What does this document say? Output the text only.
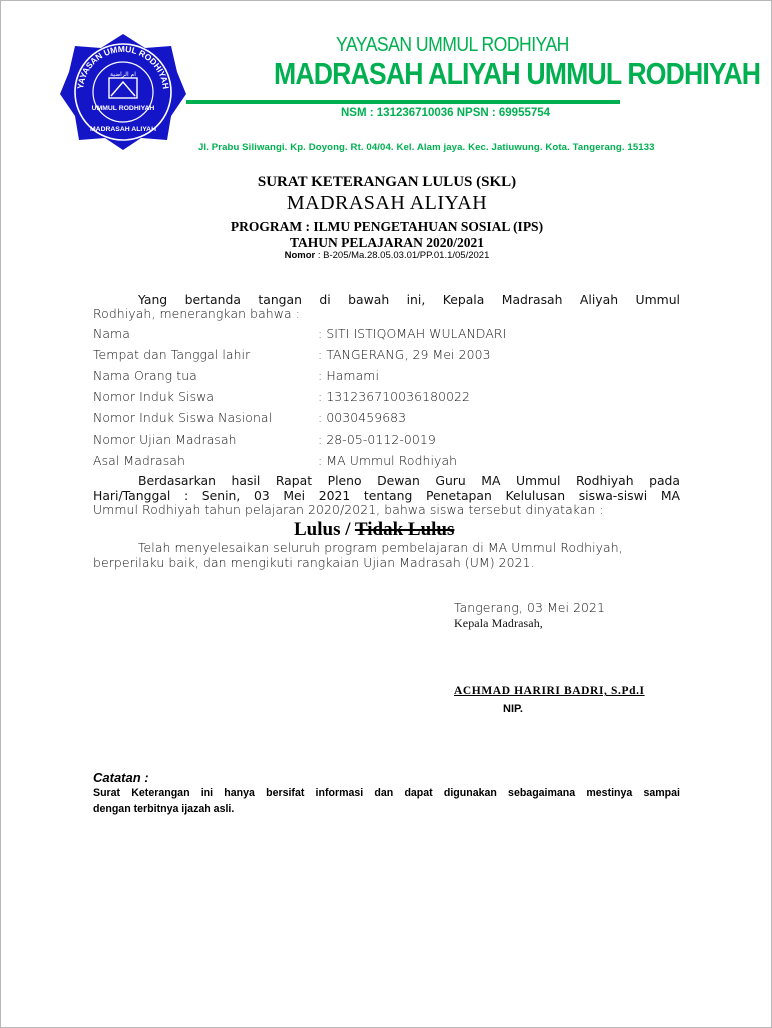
YAYASAN UMMUL RODHIYAH
ام الراضية
UMMUL RODHIYAH
MADRASAH ALIYAH
YAYASAN UMMUL RODHIYAH
MADRASAH ALIYAH UMMUL RODHIYAH
NSM : 131236710036 NPSN : 69955754
Jl. Prabu Siliwangi. Kp. Doyong. Rt. 04/04. Kel. Alam jaya. Kec. Jatiuwung. Kota. Tangerang. 15133
SURAT KETERANGAN LULUS (SKL)
MADRASAH ALIYAH
PROGRAM : ILMU PENGETAHUAN SOSIAL (IPS)
TAHUN PELAJARAN 2020/2021
Nomor : B-205/Ma.28.05.03.01/PP.01.1/05/2021
Yang bertanda tangan di bawah ini, Kepala Madrasah Aliyah Ummul
Rodhiyah, menerangkan bahwa :
Nama	: SITI ISTIQOMAH WULANDARI
Tempat dan Tanggal lahir	: TANGERANG, 29 Mei 2003
Nama Orang tua	: Hamami
Nomor Induk Siswa	: 131236710036180022
Nomor Induk Siswa Nasional	: 0030459683
Nomor Ujian Madrasah	: 28-05-0112-0019
Asal Madrasah	: MA Ummul Rodhiyah
Berdasarkan hasil Rapat Pleno Dewan Guru MA Ummul Rodhiyah pada
Hari/Tanggal : Senin, 03 Mei 2021 tentang Penetapan Kelulusan siswa-siswi MA
Ummul Rodhiyah tahun pelajaran 2020/2021, bahwa siswa tersebut dinyatakan :
Lulus / Tidak Lulus
Telah menyelesaikan seluruh program pembelajaran di MA Ummul Rodhiyah,
berperilaku baik, dan mengikuti rangkaian Ujian Madrasah (UM) 2021.
Tangerang, 03 Mei 2021
Kepala Madrasah,
ACHMAD HARIRI BADRI, S.Pd.I
NIP.
Catatan :
Surat Keterangan ini hanya bersifat informasi dan dapat digunakan sebagaimana mestinya sampai
dengan terbitnya ijazah asli.
